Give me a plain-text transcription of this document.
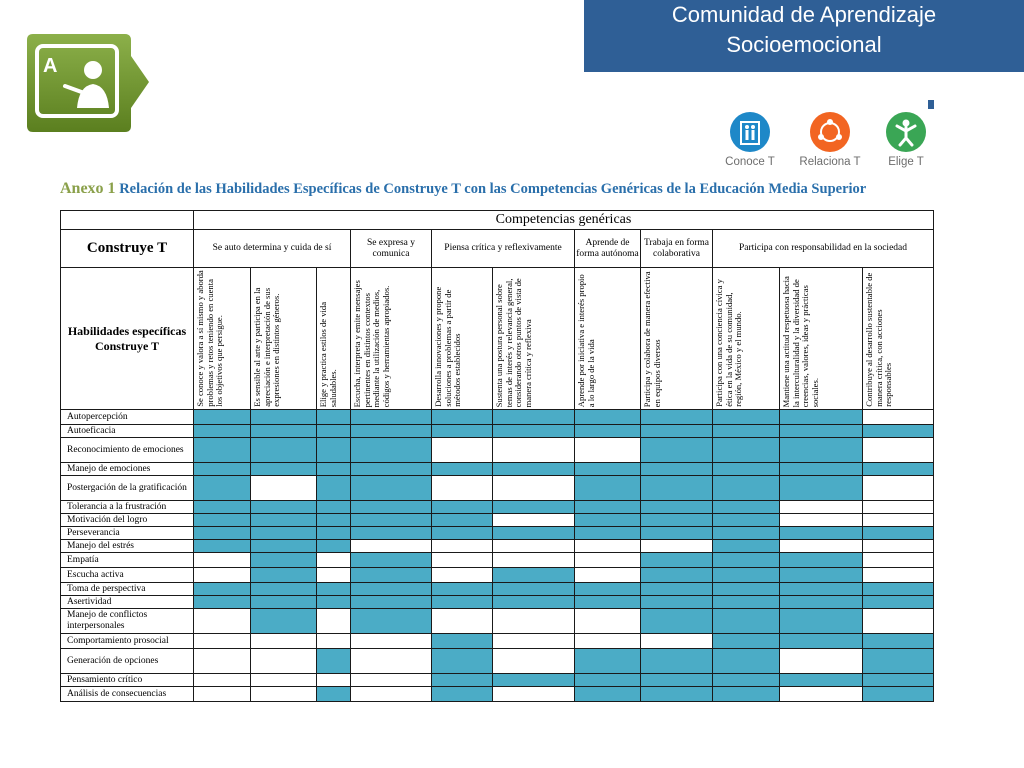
Comunidad de Aprendizaje
Socioemocional
A
Conoce T	Relaciona T	Elige T
Anexo 1 Relación de las Habilidades Específicas de Construye T con las Competencias Genéricas de la Educación Media Superior
	Competencias genéricas										
Construye T	Se auto determina y cuida de sí			Se expresa y comunica	Piensa crítica y reflexivamente		Aprende de forma autónoma	Trabaja en forma colaborativa	Participa con responsabilidad en la sociedad		
Habilidades específicas Construye T	Se conoce y valora a sí mismo y aborda problemas y retos teniendo en cuenta los objetivos que persigue.	Es sensible al arte y participa en la apreciación e interpretación de sus expresiones en distintos géneros.	Elige y practica estilos de vida saludables.	Escucha, interpreta y emite mensajes pertinentes en distintos contextos mediante la utilización de medios, códigos y herramientas apropiados.	Desarrolla innovaciones y propone soluciones a problemas a partir de métodos establecidos	Sustenta una postura personal sobre temas de interés y relevancia general, considerando otros puntos de vista de manera crítica y reflexiva	Aprende por iniciativa e interés propio a lo largo de la vida	Participa y colabora de manera efectiva en equipos diversos	Participa con una conciencia cívica y ética en la vida de su comunidad, región, México y el mundo.	Mantiene una actitud respetuosa hacia la interculturalidad y la diversidad de creencias, valores, ideas y prácticas sociales.	Contribuye al desarrollo sustentable de manera crítica, con acciones responsables

Autopercepción											
Autoeficacia											
Reconocimiento de emociones											
Manejo de emociones											
Postergación de la gratificación											
Tolerancia a la frustración											
Motivación del logro											
Perseverancia											
Manejo del estrés											
Empatía											
Escucha activa											
Toma de perspectiva											
Asertividad											
Manejo de conflictos interpersonales											
Comportamiento prosocial											
Generación de opciones											
Pensamiento crítico											
Análisis de consecuencias											
